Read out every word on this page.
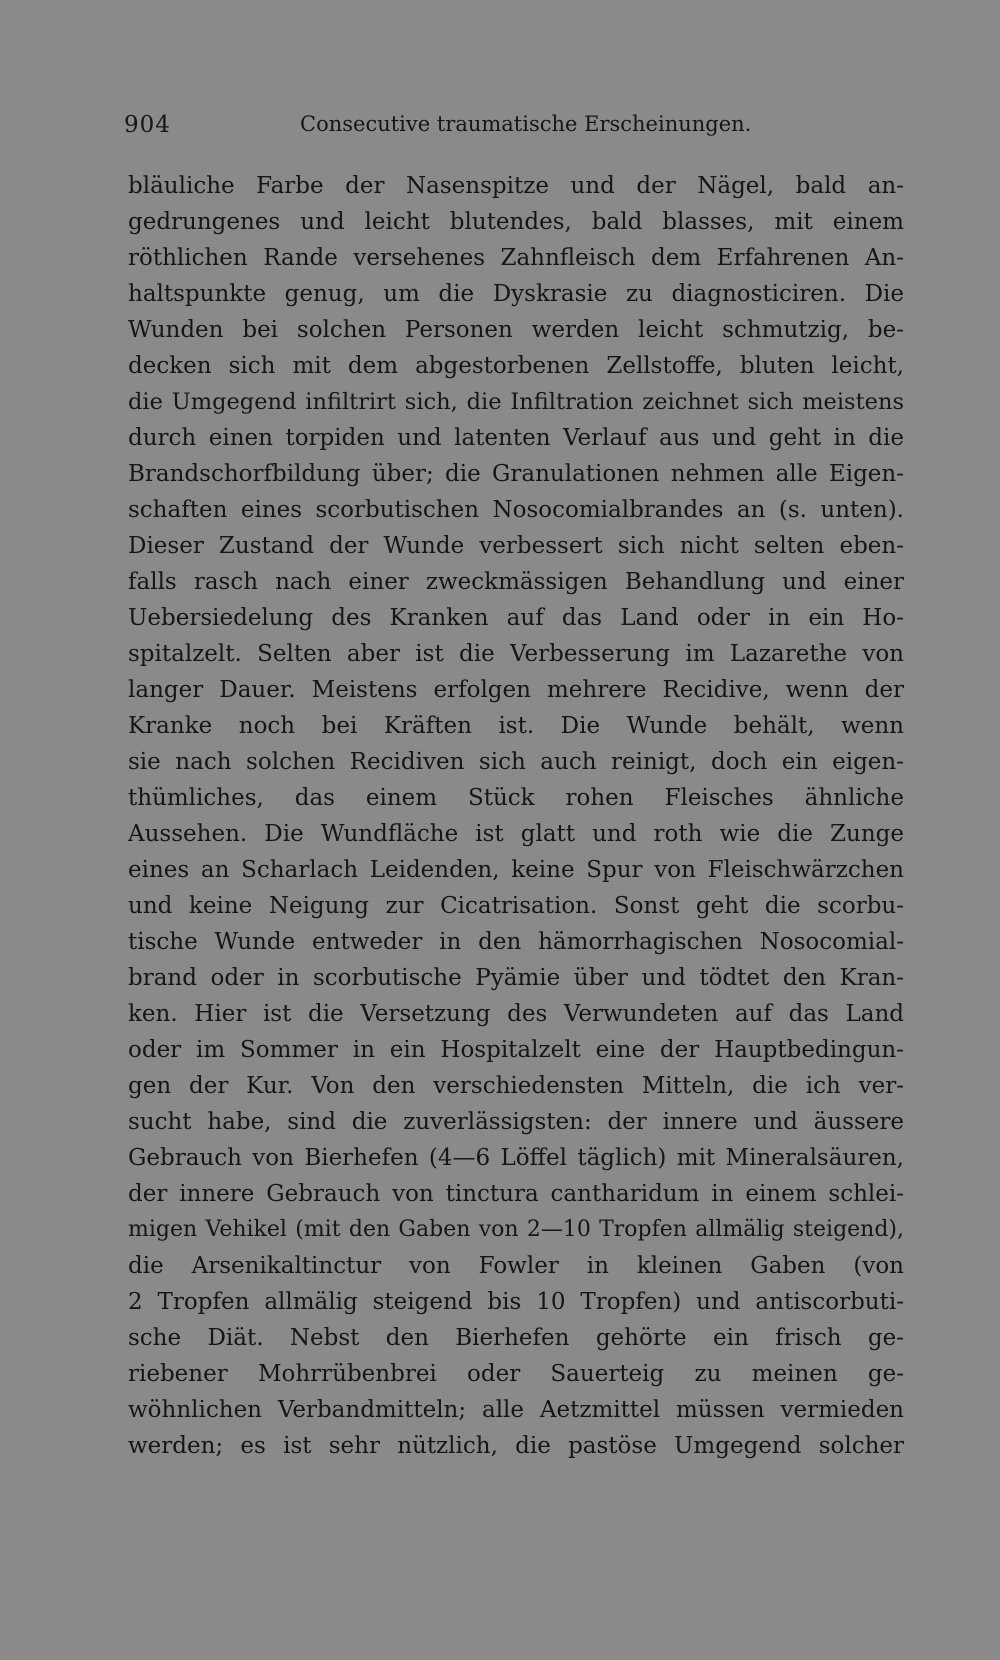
904	Consecutive traumatische Erscheinungen.
bläuliche Farbe der Nasenspitze und der Nägel, bald an-
gedrungenes und leicht blutendes, bald blasses, mit einem
röthlichen Rande versehenes Zahnfleisch dem Erfahrenen An-
haltspunkte genug, um die Dyskrasie zu diagnosticiren. Die
Wunden bei solchen Personen werden leicht schmutzig, be-
decken sich mit dem abgestorbenen Zellstoffe, bluten leicht,
die Umgegend infiltrirt sich, die Infiltration zeichnet sich meistens
durch einen torpiden und latenten Verlauf aus und geht in die
Brandschorfbildung über; die Granulationen nehmen alle Eigen-
schaften eines scorbutischen Nosocomialbrandes an (s. unten).
Dieser Zustand der Wunde verbessert sich nicht selten eben-
falls rasch nach einer zweckmässigen Behandlung und einer
Uebersiedelung des Kranken auf das Land oder in ein Ho-
spitalzelt. Selten aber ist die Verbesserung im Lazarethe von
langer Dauer. Meistens erfolgen mehrere Recidive, wenn der
Kranke noch bei Kräften ist. Die Wunde behält, wenn
sie nach solchen Recidiven sich auch reinigt, doch ein eigen-
thümliches, das einem Stück rohen Fleisches ähnliche
Aussehen. Die Wundfläche ist glatt und roth wie die Zunge
eines an Scharlach Leidenden, keine Spur von Fleischwärzchen
und keine Neigung zur Cicatrisation. Sonst geht die scorbu-
tische Wunde entweder in den hämorrhagischen Nosocomial-
brand oder in scorbutische Pyämie über und tödtet den Kran-
ken. Hier ist die Versetzung des Verwundeten auf das Land
oder im Sommer in ein Hospitalzelt eine der Hauptbedingun-
gen der Kur. Von den verschiedensten Mitteln, die ich ver-
sucht habe, sind die zuverlässigsten: der innere und äussere
Gebrauch von Bierhefen (4—6 Löffel täglich) mit Mineralsäuren,
der innere Gebrauch von tinctura cantharidum in einem schlei-
migen Vehikel (mit den Gaben von 2—10 Tropfen allmälig steigend),
die Arsenikaltinctur von Fowler in kleinen Gaben (von
2 Tropfen allmälig steigend bis 10 Tropfen) und antiscorbuti-
sche Diät. Nebst den Bierhefen gehörte ein frisch ge-
riebener Mohrrübenbrei oder Sauerteig zu meinen ge-
wöhnlichen Verbandmitteln; alle Aetzmittel müssen vermieden
werden; es ist sehr nützlich, die pastöse Umgegend solcher
